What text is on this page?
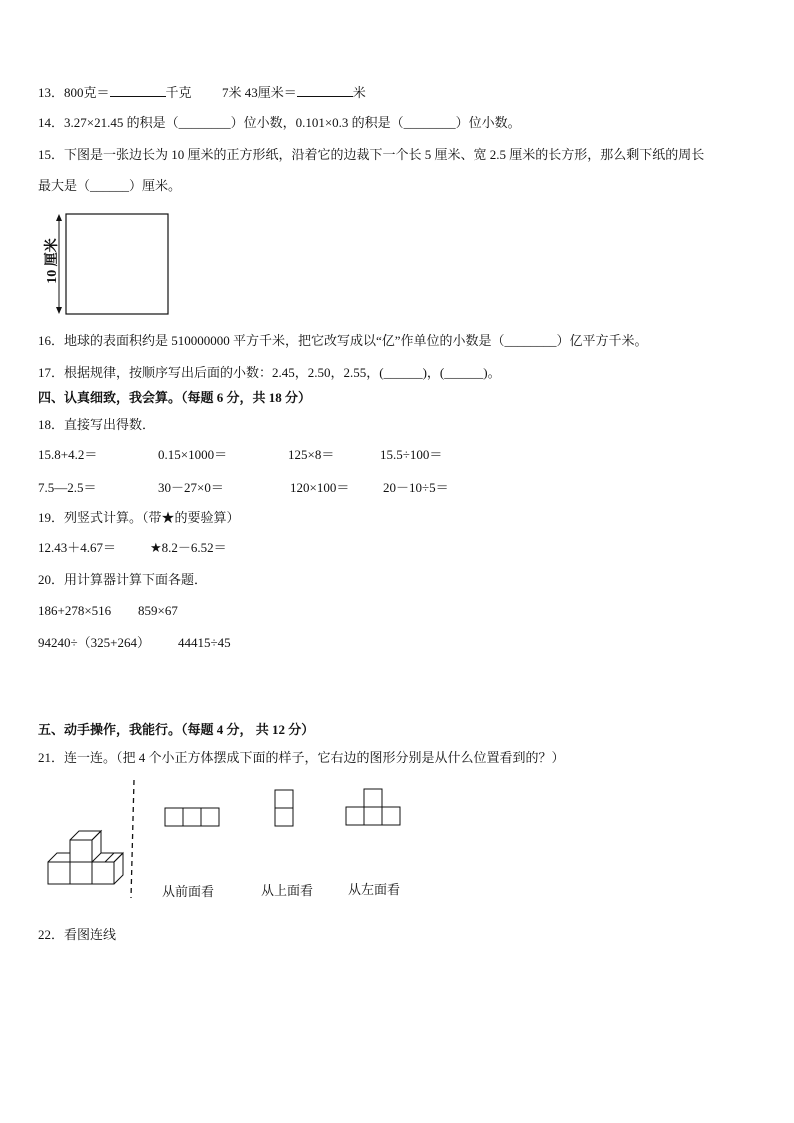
13．800克＝	千克 7米 43厘米＝	米
14．3.27×21.45 的积是（________）位小数，0.101×0.3 的积是（________）位小数。
15．下图是一张边长为 10 厘米的正方形纸，沿着它的边裁下一个长 5 厘米、宽 2.5 厘米的长方形，那么剩下纸的周长
最大是（______）厘米。
10 厘米
16．地球的表面积约是 510000000 平方千米，把它改写成以“亿”作单位的小数是（________）亿平方千米。
17．根据规律，按顺序写出后面的小数：2.45，2.50，2.55，(______)，(______)。
四、认真细致，我会算。（每题 6 分，共 18 分）
18．直接写出得数．
15.8+4.2＝	0.15×1000＝	125×8＝	15.5÷100＝
7.5—2.5＝	30－27×0＝	120×100＝	20－10÷5＝
19．列竖式计算。（带★的要验算）
12.43＋4.67＝	★8.2－6.52＝
20．用计算器计算下面各题．
186+278×516 859×67
94240÷（325+264） 44415÷45
五、动手操作，我能行。（每题 4 分， 共 12 分）
21．连一连。（把 4 个小正方体摆成下面的样子，它右边的图形分别是从什么位置看到的？）
从前面看	从上面看	从左面看
22．看图连线
